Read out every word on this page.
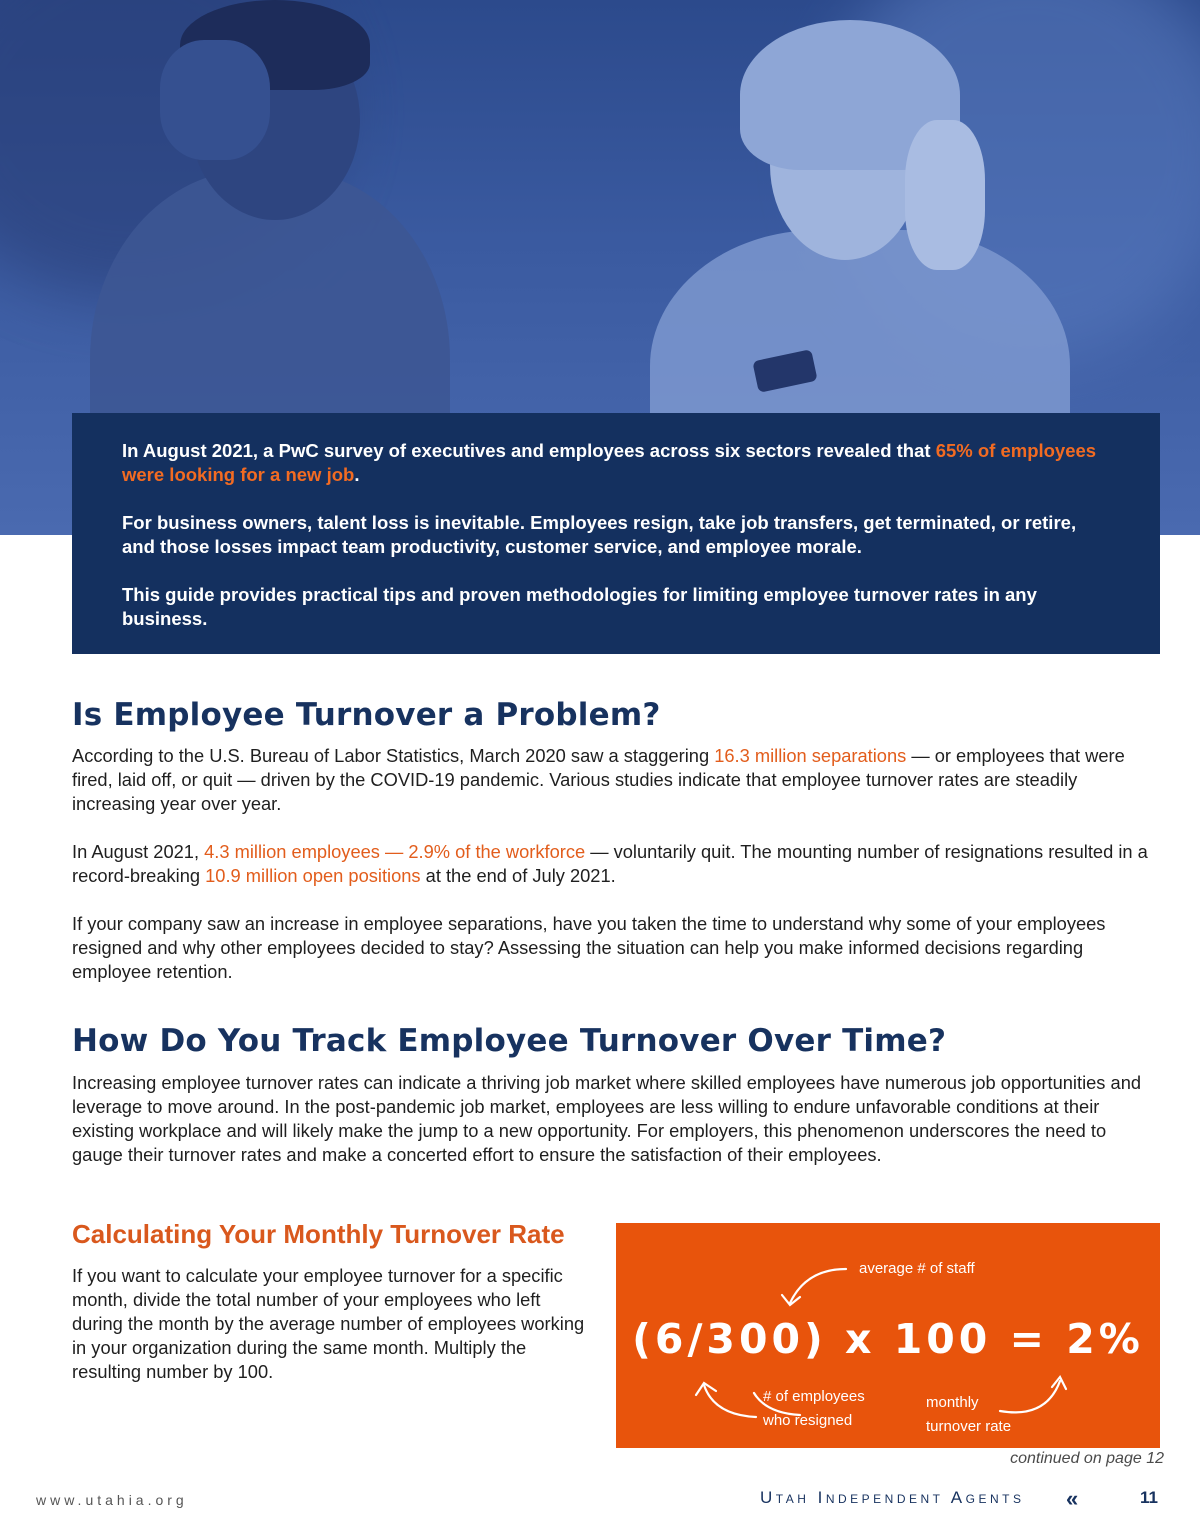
In August 2021, a PwC survey of executives and employees across six sectors revealed that 65% of employees were looking for a new job.

For business owners, talent loss is inevitable. Employees resign, take job transfers, get terminated, or retire, and those losses impact team productivity, customer service, and employee morale.

This guide provides practical tips and proven methodologies for limiting employee turnover rates in any business.

Is Employee Turnover a Problem?

According to the U.S. Bureau of Labor Statistics, March 2020 saw a staggering 16.3 million separations — or employees that were fired, laid off, or quit — driven by the COVID-19 pandemic. Various studies indicate that employee turnover rates are steadily increasing year over year.

In August 2021, 4.3 million employees — 2.9% of the workforce — voluntarily quit. The mounting number of resignations resulted in a record-breaking 10.9 million open positions at the end of July 2021.

If your company saw an increase in employee separations, have you taken the time to understand why some of your employees resigned and why other employees decided to stay? Assessing the situation can help you make informed decisions regarding employee retention.

How Do You Track Employee Turnover Over Time?

Increasing employee turnover rates can indicate a thriving job market where skilled employees have numerous job opportunities and leverage to move around. In the post-pandemic job market, employees are less willing to endure unfavorable conditions at their existing workplace and will likely make the jump to a new opportunity. For employers, this phenomenon underscores the need to gauge their turnover rates and make a concerted effort to ensure the satisfaction of their employees.

Calculating Your Monthly Turnover Rate
If you want to calculate your employee turnover for a specific month, divide the total number of your employees who left during the month by the average number of employees working in your organization during the same month. Multiply the resulting number by 100.
average # of staff
(6/300) x 100 = 2%
# of employees
who resigned
monthly
turnover rate
continued on page 12
www.utahia.org	Utah Independent Agents «	11
